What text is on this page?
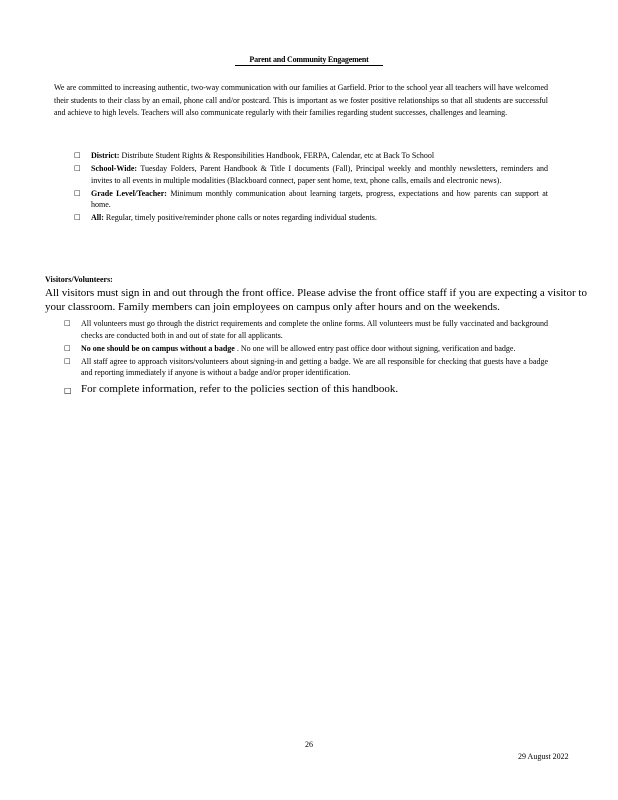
Parent and Community Engagement

We are committed to increasing authentic, two-way communication with our families at Garfield. Prior to the school year all teachers will have welcomed their students to their class by an email, phone call and/or postcard. This is important as we foster positive relationships so that all students are successful and achieve to high levels. Teachers will also communicate regularly with their families regarding student successes, challenges and learning.

□ District: Distribute Student Rights & Responsibilities Handbook, FERPA, Calendar, etc at Back To School
□ School-Wide: Tuesday Folders, Parent Handbook & Title I documents (Fall), Principal weekly and monthly newsletters, reminders and invites to all events in multiple modalities (Blackboard connect, paper sent home, text, phone calls, emails and electronic news).
□ Grade Level/Teacher: Minimum monthly communication about learning targets, progress, expectations and how parents can support at home.
□ All: Regular, timely positive/reminder phone calls or notes regarding individual students.
Visitors/Volunteers:

All visitors must sign in and out through the front office. Please advise the front office staff if you are expecting a visitor to your classroom. Family members can join employees on campus only after hours and on the weekends.

□ All volunteers must go through the district requirements and complete the online forms. All volunteers must be fully vaccinated and background checks are conducted both in and out of state for all applicants.
□ No one should be on campus without a badge . No one will be allowed entry past office door without signing, verification and badge.
□ All staff agree to approach visitors/volunteers about signing-in and getting a badge. We are all responsible for checking that guests have a badge and reporting immediately if anyone is without a badge and/or proper identification.
□ For complete information, refer to the policies section of this handbook.
26
29 August 2022
